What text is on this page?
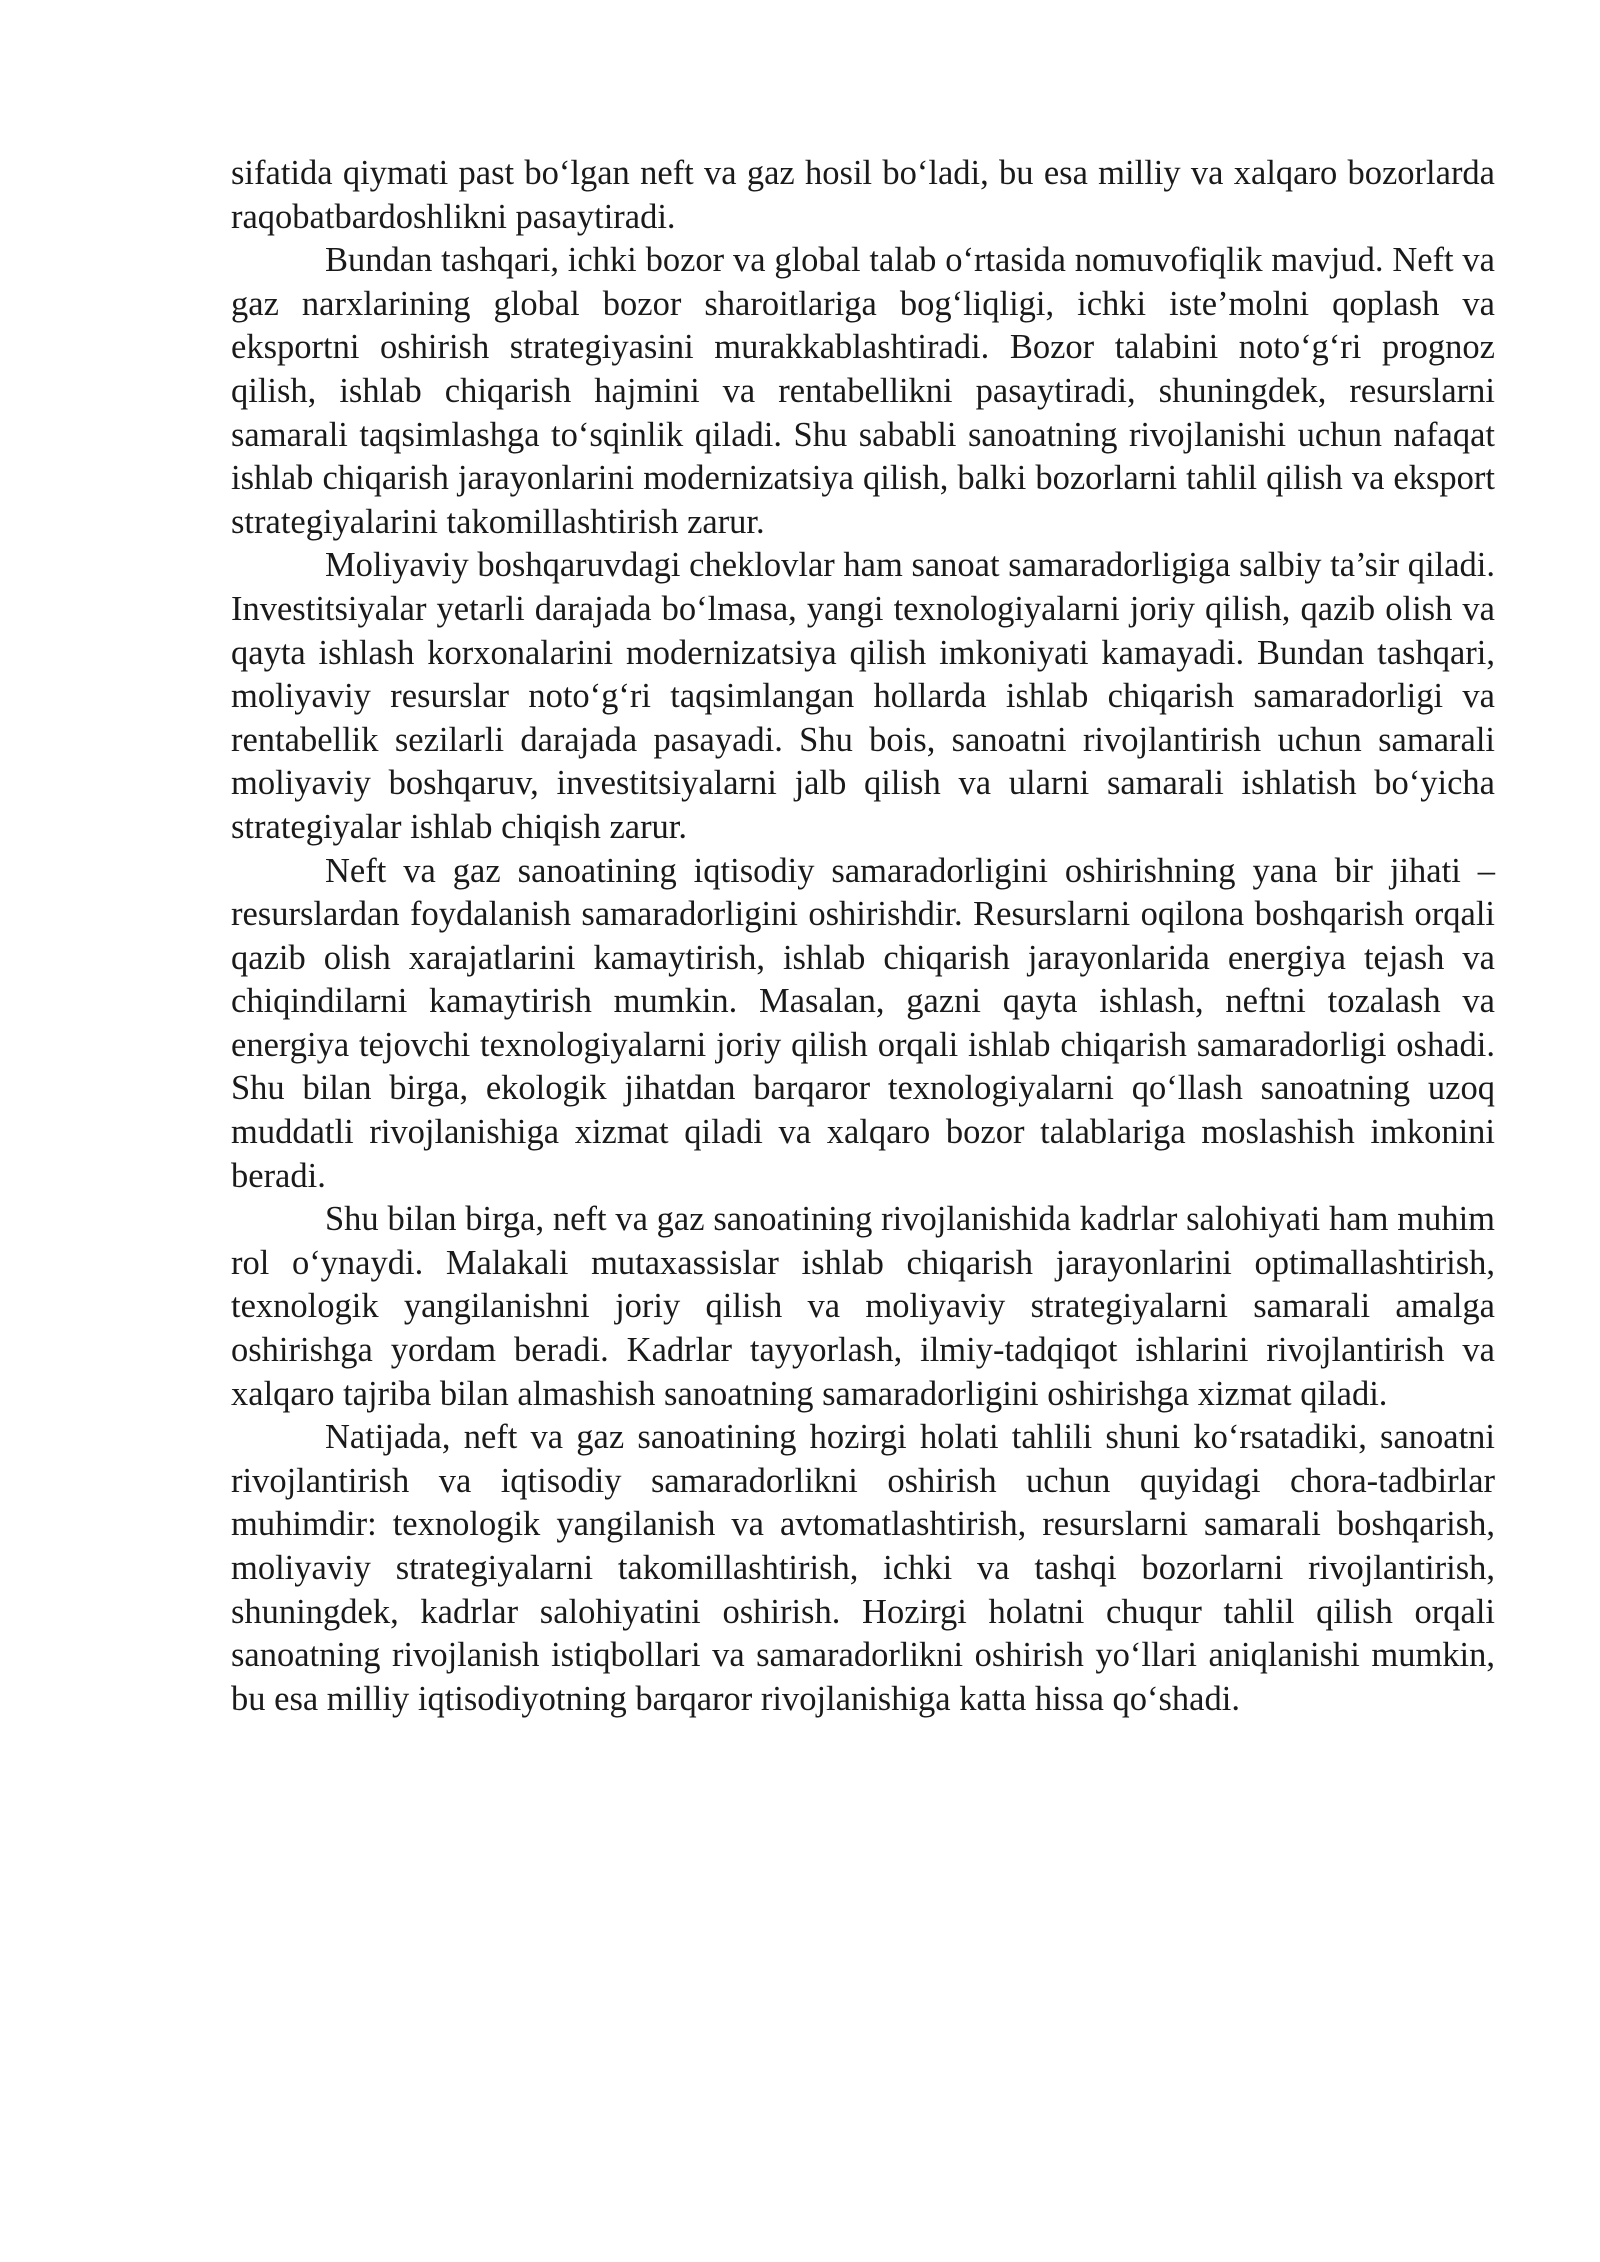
sifatida qiymati past bo‘lgan neft va gaz hosil bo‘ladi, bu esa milliy va xalqaro bozorlarda raqobatbardoshlikni pasaytiradi.

Bundan tashqari, ichki bozor va global talab o‘rtasida nomuvofiqlik mavjud. Neft va gaz narxlarining global bozor sharoitlariga bog‘liqligi, ichki iste’molni qoplash va eksportni oshirish strategiyasini murakkablashtiradi. Bozor talabini noto‘g‘ri prognoz qilish, ishlab chiqarish hajmini va rentabellikni pasaytiradi, shuningdek, resurslarni samarali taqsimlashga to‘sqinlik qiladi. Shu sababli sanoatning rivojlanishi uchun nafaqat ishlab chiqarish jarayonlarini modernizatsiya qilish, balki bozorlarni tahlil qilish va eksport strategiyalarini takomillashtirish zarur.

Moliyaviy boshqaruvdagi cheklovlar ham sanoat samaradorligiga salbiy ta’sir qiladi. Investitsiyalar yetarli darajada bo‘lmasa, yangi texnologiyalarni joriy qilish, qazib olish va qayta ishlash korxonalarini modernizatsiya qilish imkoniyati kamayadi. Bundan tashqari, moliyaviy resurslar noto‘g‘ri taqsimlangan hollarda ishlab chiqarish samaradorligi va rentabellik sezilarli darajada pasayadi. Shu bois, sanoatni rivojlantirish uchun samarali moliyaviy boshqaruv, investitsiyalarni jalb qilish va ularni samarali ishlatish bo‘yicha strategiyalar ishlab chiqish zarur.

Neft va gaz sanoatining iqtisodiy samaradorligini oshirishning yana bir jihati – resurslardan foydalanish samaradorligini oshirishdir. Resurslarni oqilona boshqarish orqali qazib olish xarajatlarini kamaytirish, ishlab chiqarish jarayonlarida energiya tejash va chiqindilarni kamaytirish mumkin. Masalan, gazni qayta ishlash, neftni tozalash va energiya tejovchi texnologiyalarni joriy qilish orqali ishlab chiqarish samaradorligi oshadi. Shu bilan birga, ekologik jihatdan barqaror texnologiyalarni qo‘llash sanoatning uzoq muddatli rivojlanishiga xizmat qiladi va xalqaro bozor talablariga moslashish imkonini beradi.

Shu bilan birga, neft va gaz sanoatining rivojlanishida kadrlar salohiyati ham muhim rol o‘ynaydi. Malakali mutaxassislar ishlab chiqarish jarayonlarini optimallashtirish, texnologik yangilanishni joriy qilish va moliyaviy strategiyalarni samarali amalga oshirishga yordam beradi. Kadrlar tayyorlash, ilmiy-tadqiqot ishlarini rivojlantirish va xalqaro tajriba bilan almashish sanoatning samaradorligini oshirishga xizmat qiladi.

Natijada, neft va gaz sanoatining hozirgi holati tahlili shuni ko‘rsatadiki, sanoatni rivojlantirish va iqtisodiy samaradorlikni oshirish uchun quyidagi chora-tadbirlar muhimdir: texnologik yangilanish va avtomatlashtirish, resurslarni samarali boshqarish, moliyaviy strategiyalarni takomillashtirish, ichki va tashqi bozorlarni rivojlantirish, shuningdek, kadrlar salohiyatini oshirish. Hozirgi holatni chuqur tahlil qilish orqali sanoatning rivojlanish istiqbollari va samaradorlikni oshirish yo‘llari aniqlanishi mumkin, bu esa milliy iqtisodiyotning barqaror rivojlanishiga katta hissa qo‘shadi.
